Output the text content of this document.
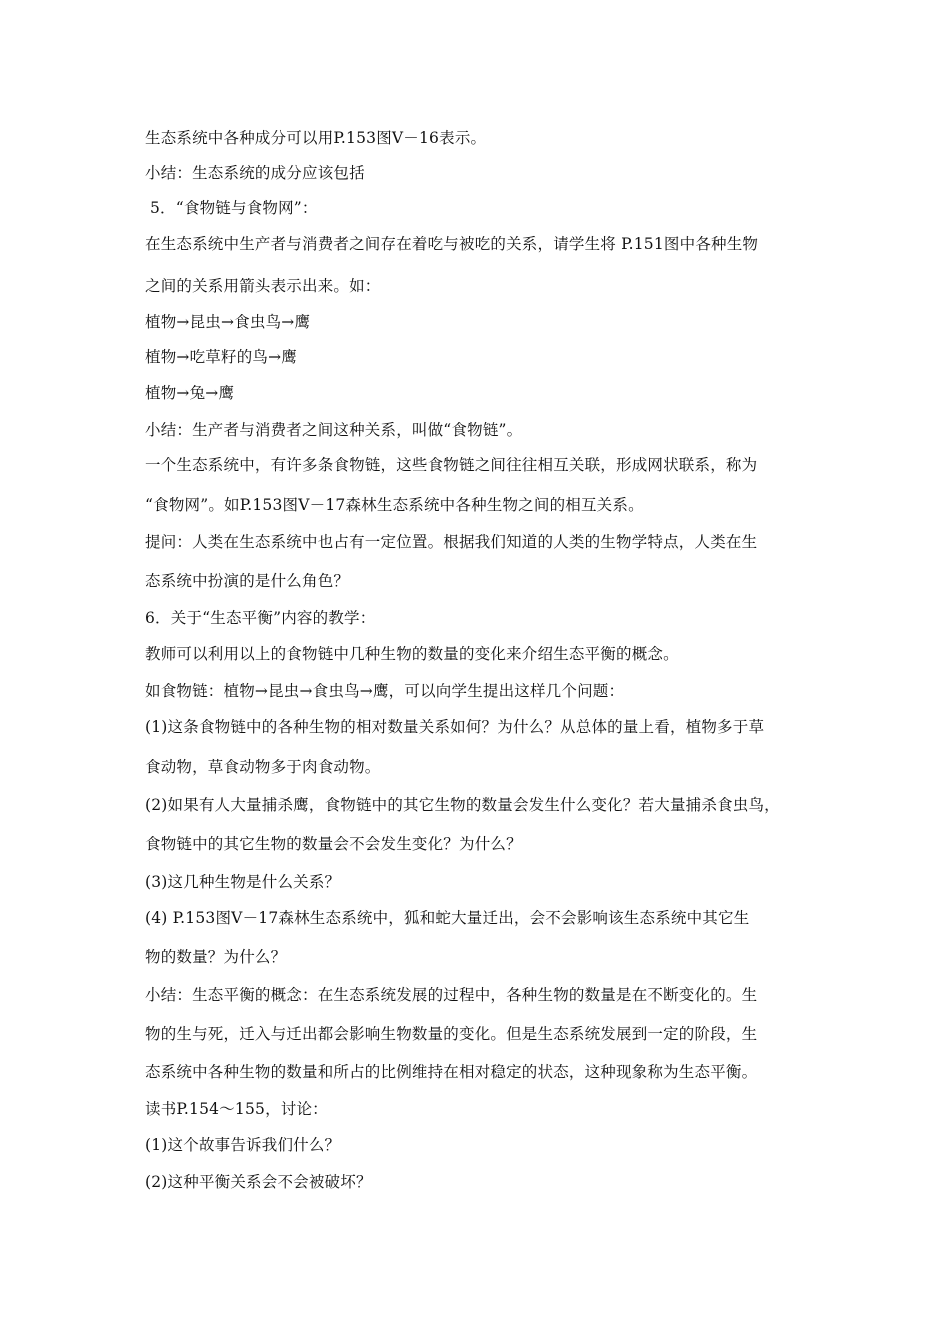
生态系统中各种成分可以用P.153图Ⅴ－16表示。
小结：生态系统的成分应该包括
5．“食物链与食物网”：
在生态系统中生产者与消费者之间存在着吃与被吃的关系，请学生将 P.151图中各种生物
之间的关系用箭头表示出来。如：
植物→昆虫→食虫鸟→鹰
植物→吃草籽的鸟→鹰
植物→兔→鹰
小结：生产者与消费者之间这种关系，叫做“食物链”。
一个生态系统中，有许多条食物链，这些食物链之间往往相互关联，形成网状联系，称为
“食物网”。如P.153图Ⅴ－17森林生态系统中各种生物之间的相互关系。
提问：人类在生态系统中也占有一定位置。根据我们知道的人类的生物学特点，人类在生
态系统中扮演的是什么角色？
6．关于“生态平衡”内容的教学：
教师可以利用以上的食物链中几种生物的数量的变化来介绍生态平衡的概念。
如食物链：植物→昆虫→食虫鸟→鹰，可以向学生提出这样几个问题：
(1)这条食物链中的各种生物的相对数量关系如何？为什么？从总体的量上看，植物多于草
食动物，草食动物多于肉食动物。
(2)如果有人大量捕杀鹰，食物链中的其它生物的数量会发生什么变化？若大量捕杀食虫鸟，
食物链中的其它生物的数量会不会发生变化？为什么？
(3)这几种生物是什么关系？
(4) P.153图Ⅴ－17森林生态系统中，狐和蛇大量迁出，会不会影响该生态系统中其它生
物的数量？为什么？
小结：生态平衡的概念：在生态系统发展的过程中，各种生物的数量是在不断变化的。生
物的生与死，迁入与迁出都会影响生物数量的变化。但是生态系统发展到一定的阶段，生
态系统中各种生物的数量和所占的比例维持在相对稳定的状态，这种现象称为生态平衡。
读书P.154～155，讨论：
(1)这个故事告诉我们什么？
(2)这种平衡关系会不会被破坏？
